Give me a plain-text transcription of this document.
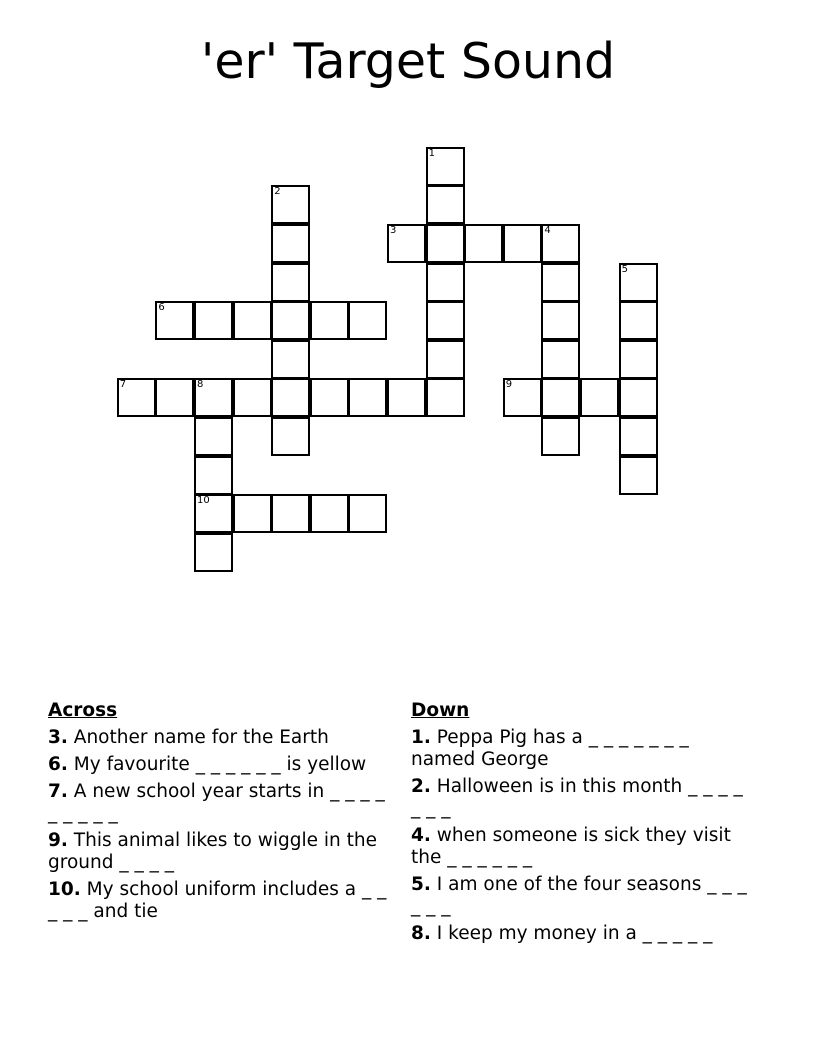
'er' Target Sound
1
2
3	4
5
6
7	8	9
10
Across
3. Another name for the Earth
6. My favourite _ _ _ _ _ _ is yellow
7. A new school year starts in _ _ _ _ _ _ _ _ _
9. This animal likes to wiggle in the ground _ _ _ _
10. My school uniform includes a _ _ _ _ _ and tie
Down
1. Peppa Pig has a _ _ _ _ _ _ _ named George
2. Halloween is in this month _ _ _ _ _ _ _
4. when someone is sick they visit the _ _ _ _ _ _
5. I am one of the four seasons _ _ _ _ _ _
8. I keep my money in a _ _ _ _ _
